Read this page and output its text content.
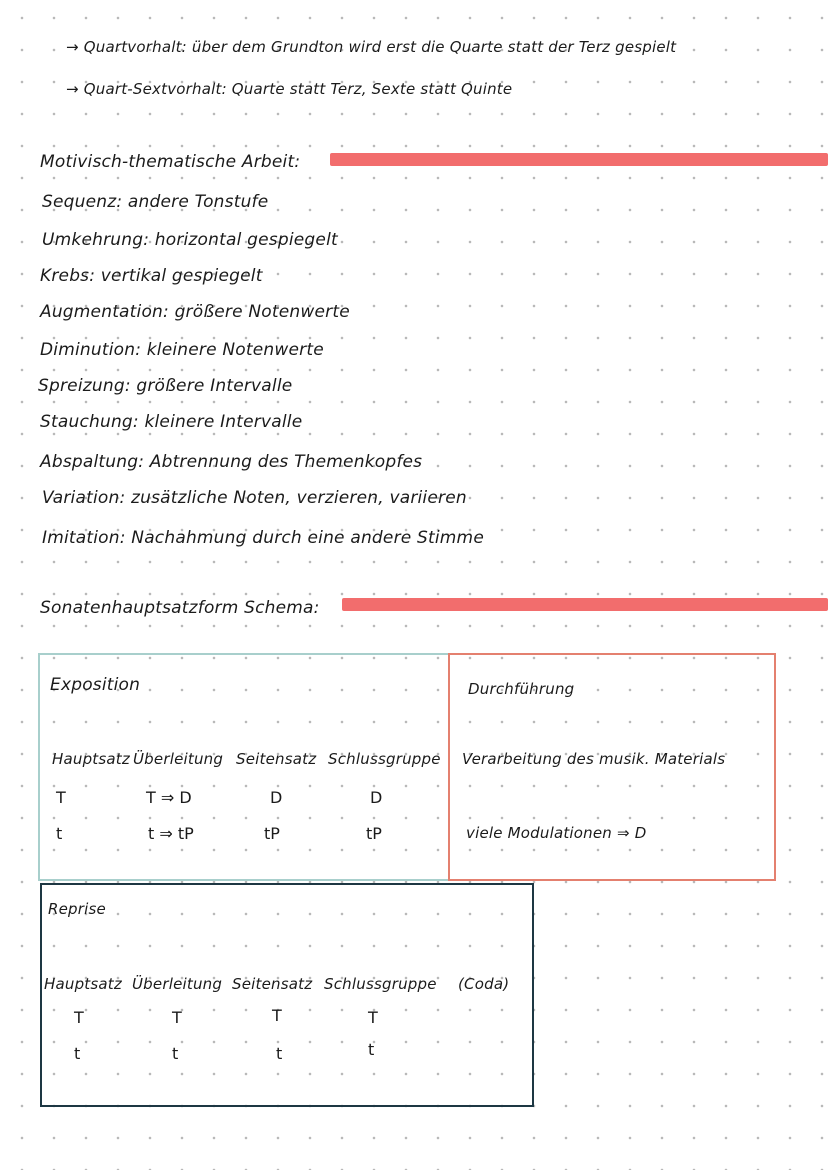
→ Quartvorhalt: über dem Grundton wird erst die Quarte statt der Terz gespielt
→ Quart-Sextvorhalt: Quarte statt Terz, Sexte statt Quinte
Motivisch-thematische Arbeit:
Sequenz: andere Tonstufe
Umkehrung: horizontal gespiegelt
Krebs: vertikal gespiegelt
Augmentation: größere Notenwerte
Diminution: kleinere Notenwerte
Spreizung: größere Intervalle
Stauchung: kleinere Intervalle
Abspaltung: Abtrennung des Themenkopfes
Variation: zusätzliche Noten, verzieren, variieren
Imitation: Nachahmung durch eine andere Stimme
Sonatenhauptsatzform Schema:
Exposition
Hauptsatz Überleitung Seitensatz Schlussgruppe
T	T ⇒ D	D	D
t	t ⇒ tP	tP	tP
Durchführung
Verarbeitung des musik. Materials
viele Modulationen ⇒ D
Reprise
Hauptsatz Überleitung Seitensatz Schlussgruppe (Coda)
T	T	T	T
t	t	t	t
